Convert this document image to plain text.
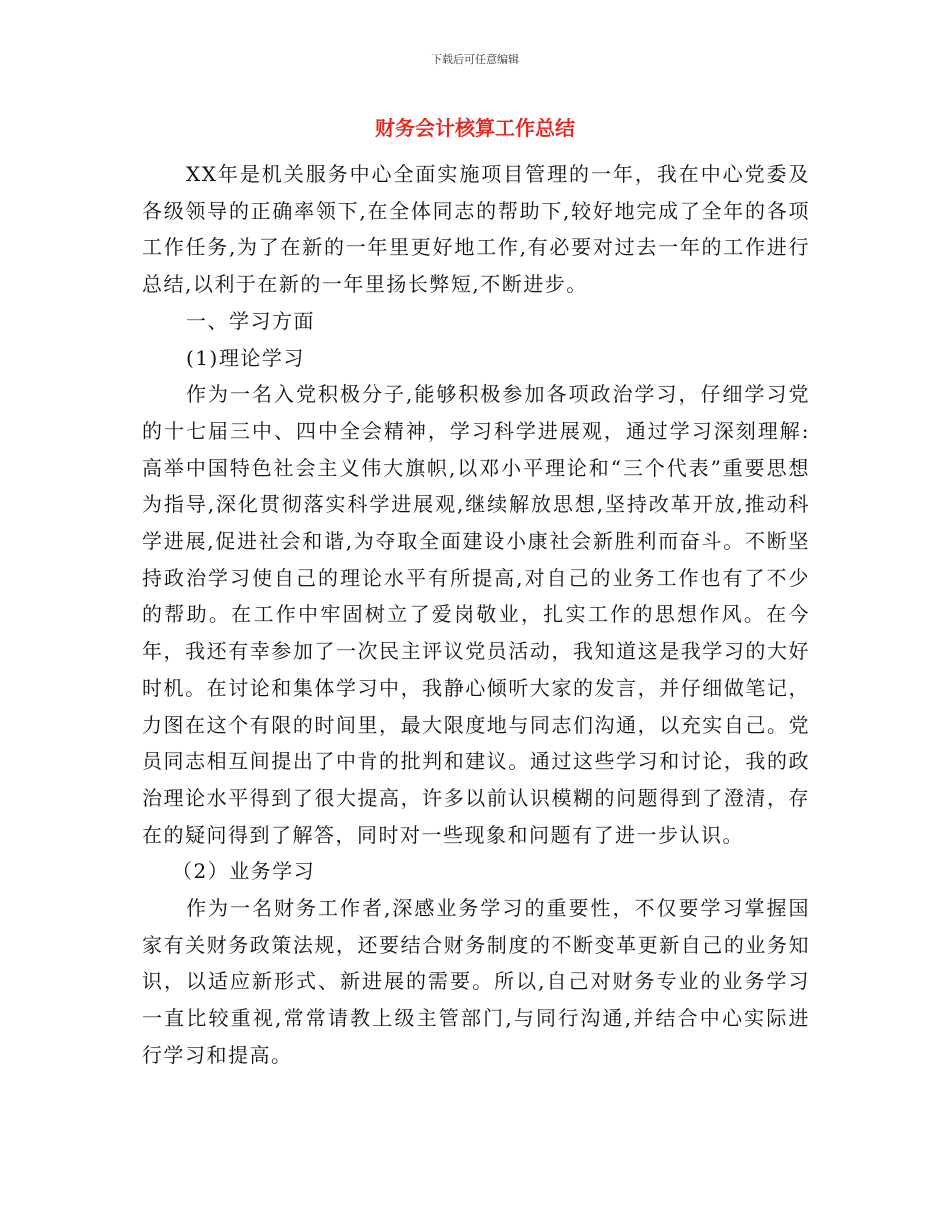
下载后可任意编辑
财务会计核算工作总结

XX年是机关服务中心全面实施项目管理的一年，我在中心党委及各级领导的正确率领下,在全体同志的帮助下,较好地完成了全年的各项工作任务,为了在新的一年里更好地工作,有必要对过去一年的工作进行总结,以利于在新的一年里扬长弊短,不断进步。

一、学习方面

(1)理论学习

作为一名入党积极分子,能够积极参加各项政治学习，仔细学习党的十七届三中、四中全会精神，学习科学进展观，通过学习深刻理解:高举中国特色社会主义伟大旗帜,以邓小平理论和“三个代表”重要思想为指导,深化贯彻落实科学进展观,继续解放思想,坚持改革开放,推动科学进展,促进社会和谐,为夺取全面建设小康社会新胜利而奋斗。不断坚持政治学习使自己的理论水平有所提高,对自己的业务工作也有了不少的帮助。在工作中牢固树立了爱岗敬业，扎实工作的思想作风。在今年，我还有幸参加了一次民主评议党员活动，我知道这是我学习的大好时机。在讨论和集体学习中，我静心倾听大家的发言，并仔细做笔记，力图在这个有限的时间里，最大限度地与同志们沟通，以充实自己。党员同志相互间提出了中肯的批判和建议。通过这些学习和讨论，我的政治理论水平得到了很大提高，许多以前认识模糊的问题得到了澄清，存在的疑问得到了解答，同时对一些现象和问题有了进一步认识。

（2）业务学习

作为一名财务工作者,深感业务学习的重要性，不仅要学习掌握国家有关财务政策法规，还要结合财务制度的不断变革更新自己的业务知识，以适应新形式、新进展的需要。所以,自己对财务专业的业务学习一直比较重视,常常请教上级主管部门,与同行沟通,并结合中心实际进行学习和提高。
